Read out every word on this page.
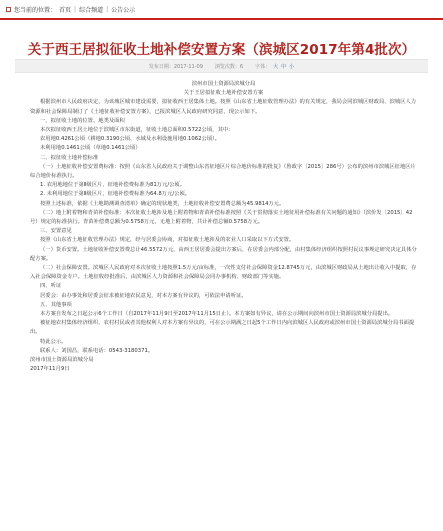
您当前的位置： 首页 | 综合频道 | 公告公示
关于西王居拟征收土地补偿安置方案（滨城区2017年第4批次）
发布日期：2017-11-09 浏览次数：6 字体： 大 中 小

滨州市国土资源局滨城分局

关于王居拟征收土地补偿安置方案

根据滨州市人民政府决定，为该城区城市建设需要，拟征收西王居集体土地。按照《山东省土地征收管理办法》的有关规定，我局会同滨城区财政局、滨城区人力资源和社会保障局制订了《土地征收补偿安置方案》，已报滨城区人民政府研究同意，现公示如下。

一、拟征收土地的位置、地类及面积

本次拟征收西王居土地位于滨城区市东街道，征收土地总面积0.5722公顷，其中：

农用地0.4261公顷（耕地0.3190公顷、水域及水利设施用地0.1062公顷）。

未利用地0.1461公顷（草地0.1461公顷）

二、拟征收土地补偿标准

（一）土地征收补偿安置费标准：按照《山东省人民政府关于调整山东省征地区片综合地价标准的批复》（鲁政字〔2015〕286号）公布的滨州市滨城区征地区片综合地价标准执行。

1. 农用地地位于第Ⅱ级区片，征地补偿费标准为81万元/公顷。

2. 未利用地位于第Ⅱ级区片，征地补偿费标准为64.8万元/公顷。

按照上述标准，依据《土地勘测调查清单》确定的现状地类，土地征收补偿安置费总额为45.9814万元。

（二）地上附着物和青苗补偿标准：本次征收土地涉及地上附着物和青苗补偿标准按照《关于贯彻落实土地征用补偿标准有关问题的通知》（滨价发〔2015〕42号）规定的标准执行。青苗补偿费总额为0.5758万元，无地上附着物，共计补偿总额0.5758万元。

三、安置意见

按照《山东省土地征收管理办法》规定，经与居委会协商，对拟征收土地涉及的农业人口采取以下方式安置。

（一）货币安置。土地征收补偿安置费总计46.5572万元，由西王居居委会提出方案后，在居委会内部分配，由村集体经济组织按照村民议事规定研究决定具体分配方案。

（二）社会保障安置。滨城区人民政府对本次征收土地按照1.5万元/亩标准，一次性支付社会保障资金12.8745万元，由滨城区财政局从土地出让收入中提取，存入社会保障资金专户。土地征收经批准后，由滨城区人力资源和社会保障局会同办事机构、财政部门等实施。

四、听证

居委会：由办事处和居委会征求被征地农民意见，对本方案有异议的，可依法申请听证。

五、其他事项

本方案自发布之日起公示6个工作日（自2017年11月9日至2017年11月15日止）。本方案如有异议，请在公示期间向滨州市国土资源局滨城分局提出。

被征地农村集体经济组织、农村村民或者其他权利人对本方案有异议的，可在公示期满之日起5个工作日内向滨城区人民政府或滨州市国土资源局滨城分局书面提出。

特此公示。

联系人：刘国昌，联系电话：0543-3180371。

滨州市国土资源局滨城分局

2017年11月9日
